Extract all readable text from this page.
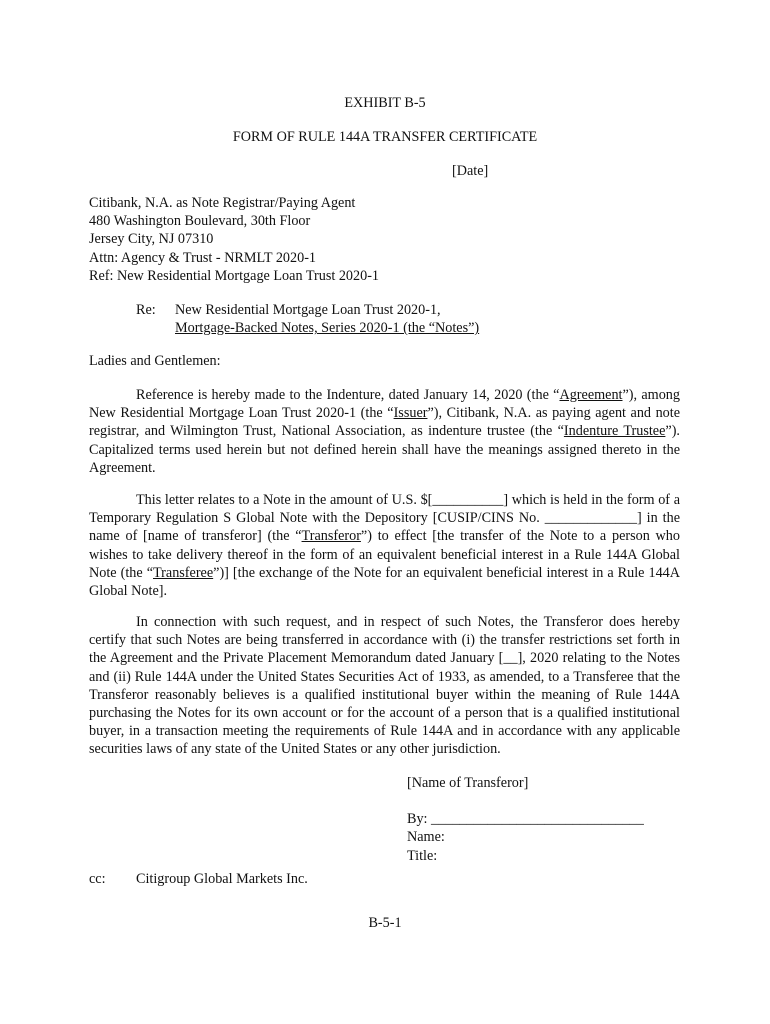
EXHIBIT B-5
FORM OF RULE 144A TRANSFER CERTIFICATE
[Date]
Citibank, N.A. as Note Registrar/Paying Agent
480 Washington Boulevard, 30th Floor
Jersey City, NJ 07310
Attn: Agency & Trust - NRMLT 2020-1
Ref: New Residential Mortgage Loan Trust 2020-1
Re: New Residential Mortgage Loan Trust 2020-1,
Mortgage-Backed Notes, Series 2020-1 (the “Notes”)
Ladies and Gentlemen:
Reference is hereby made to the Indenture, dated January 14, 2020 (the “Agreement”), among New Residential Mortgage Loan Trust 2020-1 (the “Issuer”), Citibank, N.A. as paying agent and note registrar, and Wilmington Trust, National Association, as indenture trustee (the “Indenture Trustee”). Capitalized terms used herein but not defined herein shall have the meanings assigned thereto in the Agreement.
This letter relates to a Note in the amount of U.S. $[__________] which is held in the form of a Temporary Regulation S Global Note with the Depository [CUSIP/CINS No. _____________] in the name of [name of transferor] (the “Transferor”) to effect [the transfer of the Note to a person who wishes to take delivery thereof in the form of an equivalent beneficial interest in a Rule 144A Global Note (the “Transferee”)] [the exchange of the Note for an equivalent beneficial interest in a Rule 144A Global Note].
In connection with such request, and in respect of such Notes, the Transferor does hereby certify that such Notes are being transferred in accordance with (i) the transfer restrictions set forth in the Agreement and the Private Placement Memorandum dated January [__], 2020 relating to the Notes and (ii) Rule 144A under the United States Securities Act of 1933, as amended, to a Transferee that the Transferor reasonably believes is a qualified institutional buyer within the meaning of Rule 144A purchasing the Notes for its own account or for the account of a person that is a qualified institutional buyer, in a transaction meeting the requirements of Rule 144A and in accordance with any applicable securities laws of any state of the United States or any other jurisdiction.
[Name of Transferor]
By: ______________________________
Name:
Title:
cc: Citigroup Global Markets Inc.
B-5-1
